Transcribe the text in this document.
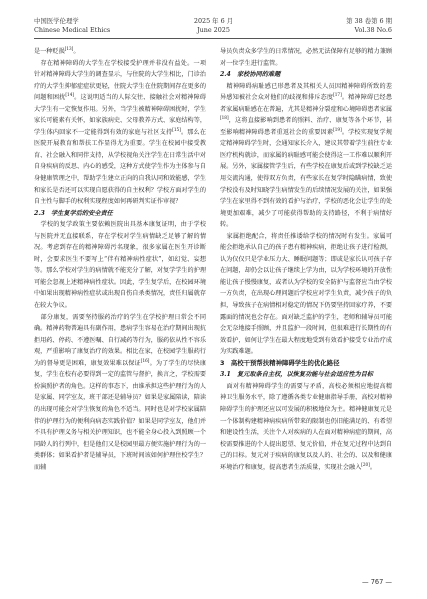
中国医学伦理学
Chinese Medical Ethics
2025 年 6 月
June 2025
第 38 卷第 6 期
Vol.38 No.6

是一种贬损[13]。

存在精神障碍的大学生在学校接受护理并非没有益处。一项针对精神障碍大学生的调查显示，与住院的大学生相比，门诊治疗的大学生抑郁症症状更轻，住院大学生在住院期间存在更多的问题和困扰[14]。这说明适当的人际交往、接触社会对精神障碍大学生有一定恢复作用。另外，当学生被精神障碍困扰时，学生家长可能素有关怀，如家族病史、父母教养方式、家庭结构等，学生体内回家不一定能得到有效的家庭与社区支持[15]。那么在医院开展教育和帮扶工作显得尤为重要。学生在校园中接受教育、社会融入和同伴支持，从学校视角关注学生在日常生活中对自身疾病的反思、内心的感受，这种方式使学生作为主体参与自身健康管理之中，帮助学生建立正向的自我认同和效能感，学生和家长是否还可以实现自愿获得的自主权利？学校方面对学生的自主性与脚手的权利实现程度如何再研判实证作审视？

2.3　学生复学后的安全责任

学校的复学政策主要依赖医院出具基本康复证明，由于学校与医院并无直接联系，存在学校对学生病情缺乏足够了解的情况。考虑到存在的精神障碍污名现象，很多家属在医生开诊断时，会要求医生不要写上“伴有精神病性症状”，如幻觉、妄想等。那么学校对学生的病情就不能充分了解，对复学学生的护理可能会忽视上述精神病性症状。因此，学生复学后，在校园环境中如果出现精神病性症状或出现自伤自杀类情况，责任归属就存在较大争议。

部分康复，需要坚持服药治疗的学生在学校护理日常会不同确。精神药物普遍具有副作用，患病学生容易在治疗期间出现抗拒用药、停药、不遵医嘱、自行减药等行为，服药依从性不容乐观，严重影响了康复治疗的效果。相比在家，在校园学生服药行为的督导更是困难，康复效果难以保证[16]。为了学生的尽快康复，学生在校有必要得到一定的监管与督护，换言之，学校需要扮演照护者的角色。这样的事态下，由谁承担这些护理行为的人是家属、同学室友，班干部还是辅导员？如果是家属陪读，陪读的出现可能会对学生恢复的角色不适当。同时也是对学校家属陪伴的护理行为的便利向病态实践价值？如果是同学室友，他们并不具有护理义务与相关护理知识，也不能全身心投入到照顾一个同龄人的行列中，但是他们又是校园里最方便实施护理行为的一类群体；如果看护者是辅导员，下班时间该如何护理住校学生？而辅

导员负责众多学生的日常情况，必然无法保障有足够的精力兼顾对一位学生进行监管。

2.4　家校协同的难题

精神障碍病耻感已形患者及其相关人员因精神障碍所致的差异感知被社会众对他们的歧视和排斥态度[17]。精神障碍已经患者家属病耻感在在普遍，尤其是精神分裂症和心境障碍患者家属[18]，这将直接影响到患者的照料、治疗、康复等各个环节，甚至影响精神障碍患者重返社会的重要因素[19]。学校实现复学规定精神障碍学生时，会通知家长介入，建议其带着学生前往专业医疗机构就诊，而家属的病耻感可能会使得这一工作难以顺利开展。另外，家属接管学生后，有些学校在康复后或到学校缺乏运用交流沟通，使得双方负责，有些家长在复学时隐瞒病情，致使学校没有及时知晓学生病情发生的后续情况发展的关注，如果强学生在家里得不到有效的看护与治疗，学校的恶化会让学生的处境更加艰难，减少了可能获得帮助的支持路径，不利于病情好转。

家属拒绝配合，将责任推诿给学校的情况时有发生。家属可能会拒绝承认自己的孩子患有精神疾病，拒绝让孩子进行检测，认为仅仅只是学业压力大、睡眠问题等；即或是家长认可孩子存在问题，却仍会以让孩子继续上学为由，以为学校环境的开放性能让孩子慢慢康复，或者认为学校的安全防护与监督应当由学校一方负责，在出现心理问题后学校应对学生负责，减少孩子的负担，导致孩子在病情相对稳定的情况下仍要坚持回家疗养，不要露面的情况也会存在。面对缺乏监护的学生，老师和辅导员可能会无奈地接手照顾，并且监护一段时间，但很难进行长期性的有效看护，如何让学生在最大程度地受到有效看护接受专业治疗成为实践难题。

3　高校干预帮扶精神障碍学生的优化路径
3.1　复元取条自主权，以恢复功能与社会适应性为目标

面对有精神障碍学生的需要与矛盾，高校必须相应地提高精神卫生服务水平，除了遵循各类专业健康指导手册，高校对精神障碍学生的护理还应以可发展的积极地位为主。精神健康复元是一个体制构建精神病疾病所带来的限制也仍旧能满足的、有希望和建设性生活，关注个人对疾病的人在面对精神病症的期间，高校需要推进的个人提出愿望、复元价值，并在复元过程中达到自己的目标。复元对于疾病的康复以及人的、社会的、以及和健康环境治疗和康复，提高患者生活质量，实现社会融入[20]。

— 767 —
